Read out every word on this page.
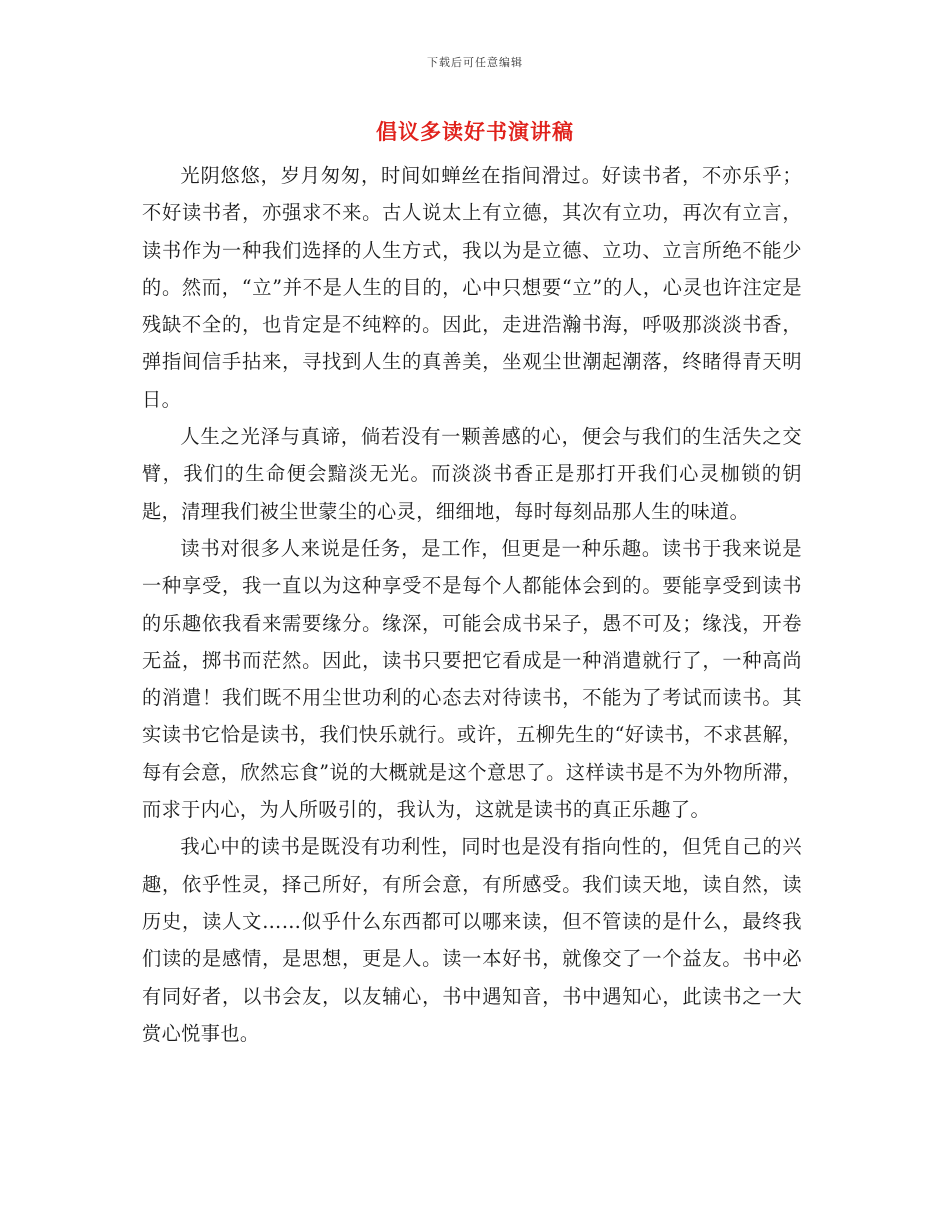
下载后可任意编辑
倡议多读好书演讲稿

光阴悠悠，岁月匆匆，时间如蝉丝在指间滑过。好读书者，不亦乐乎；不好读书者，亦强求不来。古人说太上有立德，其次有立功，再次有立言，读书作为一种我们选择的人生方式，我以为是立德、立功、立言所绝不能少的。然而，“立”并不是人生的目的，心中只想要“立”的人，心灵也许注定是残缺不全的，也肯定是不纯粹的。因此，走进浩瀚书海，呼吸那淡淡书香，弹指间信手拈来，寻找到人生的真善美，坐观尘世潮起潮落，终睹得青天明日。

人生之光泽与真谛，倘若没有一颗善感的心，便会与我们的生活失之交臂，我们的生命便会黯淡无光。而淡淡书香正是那打开我们心灵枷锁的钥匙，清理我们被尘世蒙尘的心灵，细细地，每时每刻品那人生的味道。

读书对很多人来说是任务，是工作，但更是一种乐趣。读书于我来说是一种享受，我一直以为这种享受不是每个人都能体会到的。要能享受到读书的乐趣依我看来需要缘分。缘深，可能会成书呆子，愚不可及；缘浅，开卷无益，掷书而茫然。因此，读书只要把它看成是一种消遣就行了，一种高尚的消遣！我们既不用尘世功利的心态去对待读书，不能为了考试而读书。其实读书它恰是读书，我们快乐就行。或许，五柳先生的“好读书，不求甚解，每有会意，欣然忘食”说的大概就是这个意思了。这样读书是不为外物所滞，而求于内心，为人所吸引的，我认为，这就是读书的真正乐趣了。

我心中的读书是既没有功利性，同时也是没有指向性的，但凭自己的兴趣，依乎性灵，择己所好，有所会意，有所感受。我们读天地，读自然，读历史，读人文……似乎什么东西都可以哪来读，但不管读的是什么，最终我们读的是感情，是思想，更是人。读一本好书，就像交了一个益友。书中必有同好者，以书会友，以友辅心，书中遇知音，书中遇知心，此读书之一大赏心悦事也。
